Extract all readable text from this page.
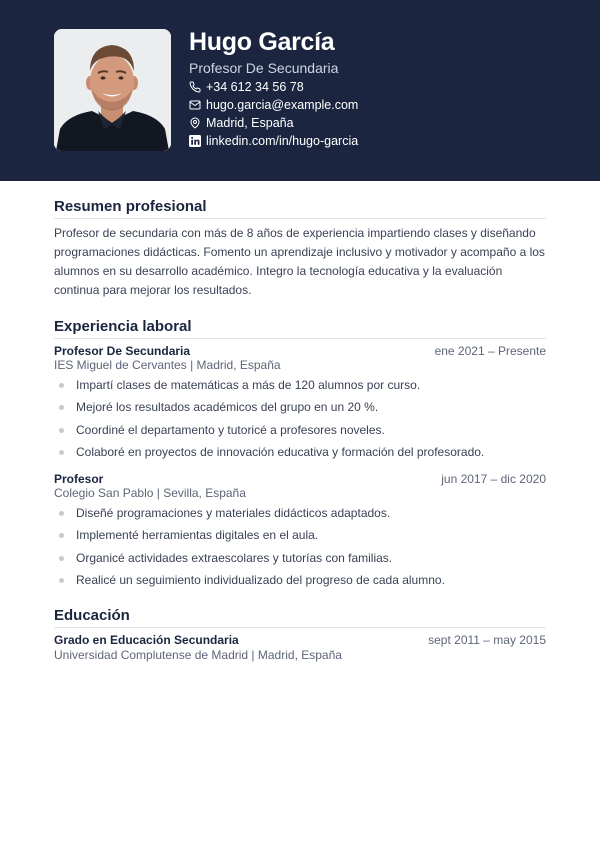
Hugo García
Profesor De Secundaria
+34 612 34 56 78
hugo.garcia@example.com
Madrid, España
linkedin.com/in/hugo-garcia
Resumen profesional
Profesor de secundaria con más de 8 años de experiencia impartiendo clases y diseñando programaciones didácticas. Fomento un aprendizaje inclusivo y motivador y acompaño a los alumnos en su desarrollo académico. Integro la tecnología educativa y la evaluación continua para mejorar los resultados.
Experiencia laboral
Profesor De Secundaria	ene 2021 – Presente
IES Miguel de Cervantes | Madrid, España
Impartí clases de matemáticas a más de 120 alumnos por curso.
Mejoré los resultados académicos del grupo en un 20 %.
Coordiné el departamento y tutoricé a profesores noveles.
Colaboré en proyectos de innovación educativa y formación del profesorado.
Profesor	jun 2017 – dic 2020
Colegio San Pablo | Sevilla, España
Diseñé programaciones y materiales didácticos adaptados.
Implementé herramientas digitales en el aula.
Organicé actividades extraescolares y tutorías con familias.
Realicé un seguimiento individualizado del progreso de cada alumno.
Educación
Grado en Educación Secundaria	sept 2011 – may 2015
Universidad Complutense de Madrid | Madrid, España
